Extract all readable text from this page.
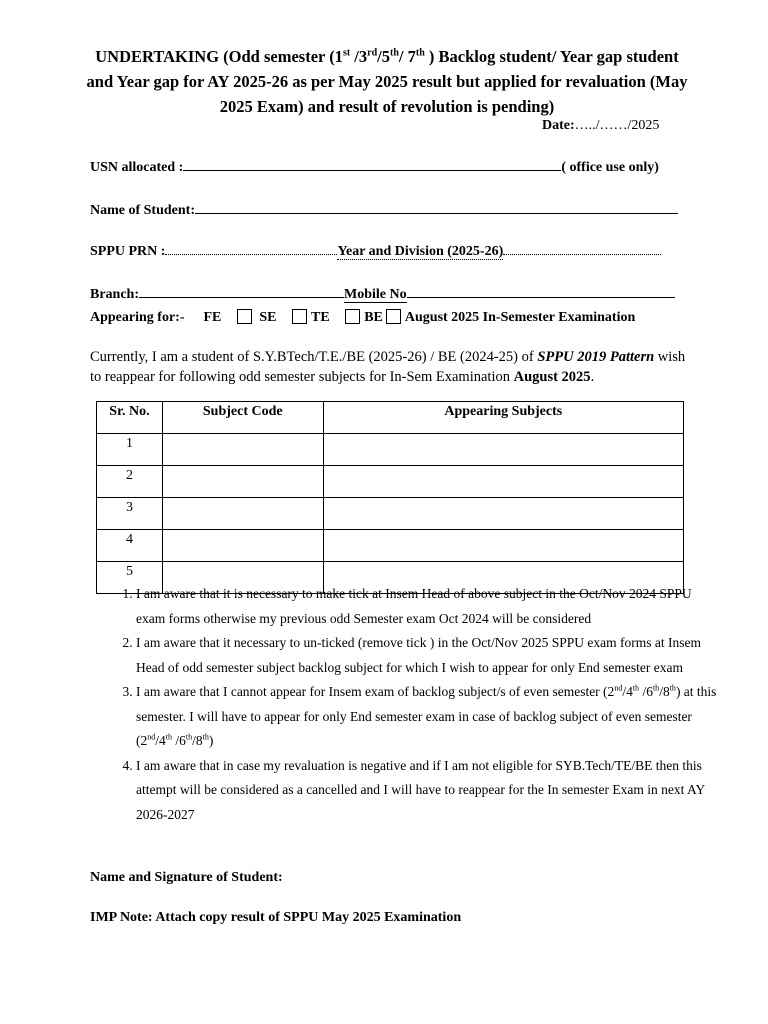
UNDERTAKING (Odd semester (1st /3rd/5th/ 7th ) Backlog student/ Year gap student and Year gap for AY 2025-26 as per May 2025 result but applied for revaluation (May 2025 Exam) and result of revolution is pending)
Date:…../……/2025
USN allocated :	( office use only)
Name of Student:
SPPU PRN :	Year and Division (2025-26)
Branch:	Mobile No
Appearing for:- FE	SE TE BE August 2025 In-Semester Examination
Currently, I am a student of S.Y.BTech/T.E./BE (2025-26) / BE (2024-25) of SPPU 2019 Pattern wish to reappear for following odd semester subjects for In-Sem Examination August 2025.
Sr. No.	Subject Code	Appearing Subjects
1		
2		
3		
4		
5		
1. I am aware that it is necessary to make tick at Insem Head of above subject in the Oct/Nov 2024 SPPU exam forms otherwise my previous odd Semester exam Oct 2024 will be considered
2. I am aware that it necessary to un-ticked (remove tick ) in the Oct/Nov 2025 SPPU exam forms at Insem Head of odd semester subject backlog subject for which I wish to appear for only End semester exam
3. I am aware that I cannot appear for Insem exam of backlog subject/s of even semester (2nd/4th /6th/8th) at this semester. I will have to appear for only End semester exam in case of backlog subject of even semester (2nd/4th /6th/8th)
4. I am aware that in case my revaluation is negative and if I am not eligible for SYB.Tech/TE/BE then this attempt will be considered as a cancelled and I will have to reappear for the In semester Exam in next AY 2026-2027
Name and Signature of Student:
IMP Note: Attach copy result of SPPU May 2025 Examination
